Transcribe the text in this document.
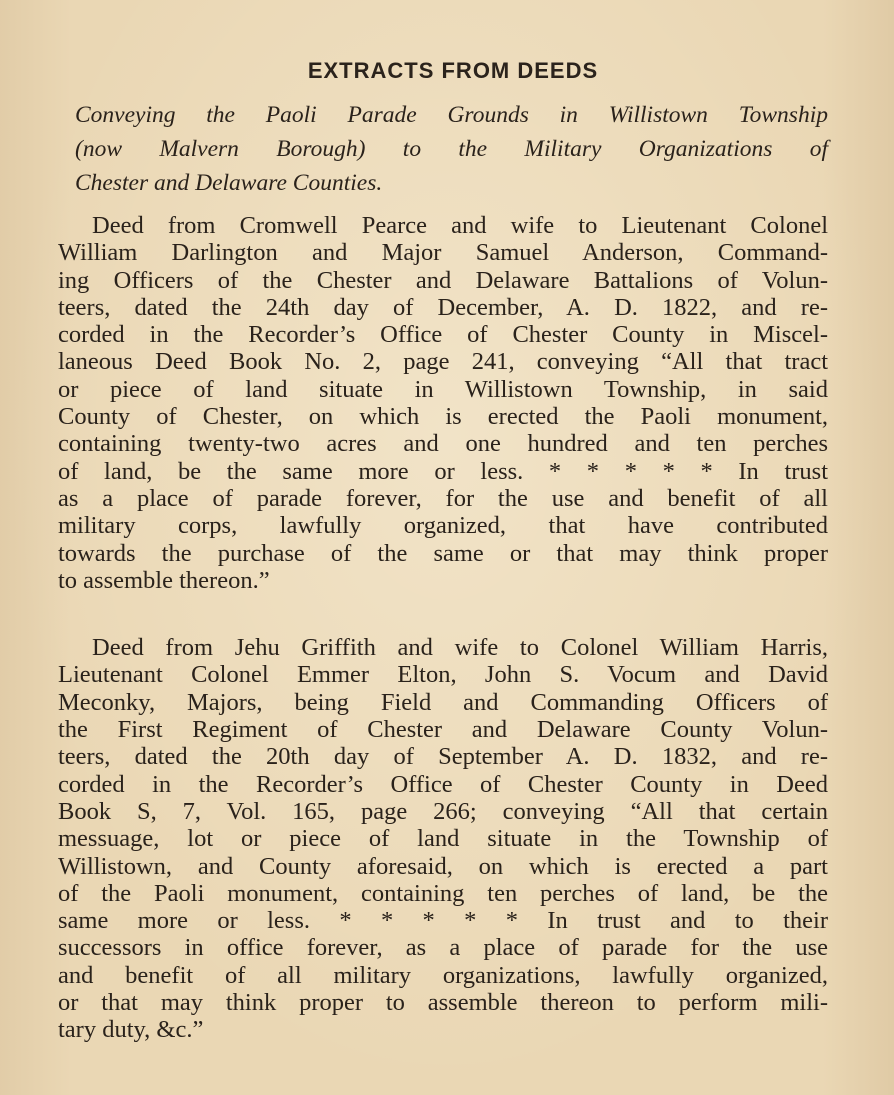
EXTRACTS FROM DEEDS
Conveying the Paoli Parade Grounds in Willistown Township
(now Malvern Borough) to the Military Organizations of
Chester and Delaware Counties.
Deed from Cromwell Pearce and wife to Lieutenant Colonel
William Darlington and Major Samuel Anderson, Command-
ing Officers of the Chester and Delaware Battalions of Volun-
teers, dated the 24th day of December, A. D. 1822, and re-
corded in the Recorder’s Office of Chester County in Miscel-
laneous Deed Book No. 2, page 241, conveying “All that tract
or piece of land situate in Willistown Township, in said
County of Chester, on which is erected the Paoli monument,
containing twenty-two acres and one hundred and ten perches
of land, be the same more or less. * * * * * In trust
as a place of parade forever, for the use and benefit of all
military corps, lawfully organized, that have contributed
towards the purchase of the same or that may think proper
to assemble thereon.”
Deed from Jehu Griffith and wife to Colonel William Harris,
Lieutenant Colonel Emmer Elton, John S. Vocum and David
Meconky, Majors, being Field and Commanding Officers of
the First Regiment of Chester and Delaware County Volun-
teers, dated the 20th day of September A. D. 1832, and re-
corded in the Recorder’s Office of Chester County in Deed
Book S, 7, Vol. 165, page 266; conveying “All that certain
messuage, lot or piece of land situate in the Township of
Willistown, and County aforesaid, on which is erected a part
of the Paoli monument, containing ten perches of land, be the
same more or less. * * * * * In trust and to their
successors in office forever, as a place of parade for the use
and benefit of all military organizations, lawfully organized,
or that may think proper to assemble thereon to perform mili-
tary duty, &c.”
